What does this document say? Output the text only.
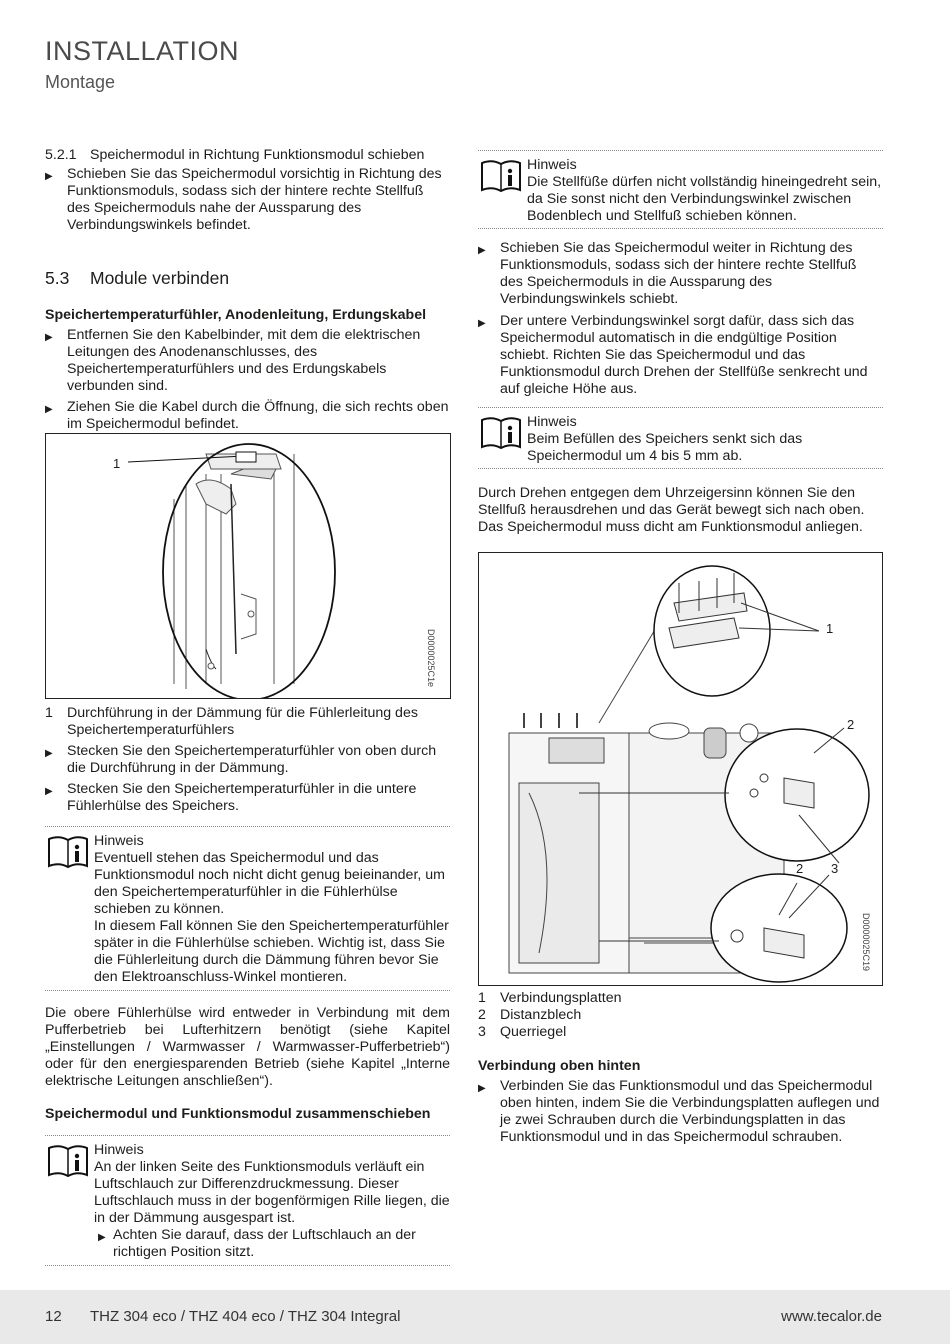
INSTALLATION
Montage
5.2.1 Speichermodul in Richtung Funktionsmodul schieben
▶	Schieben Sie das Speichermodul vorsichtig in Richtung des Funktionsmoduls, sodass sich der hintere rechte Stellfuß des Speichermoduls nahe der Aussparung des Verbindungswinkels befindet.
5.3	Module verbinden
Speichertemperaturfühler, Anodenleitung, Erdungskabel
▶	Entfernen Sie den Kabelbinder, mit dem die elektrischen Leitungen des Anodenanschlusses, des Speichertemperaturfühlers und des Erdungskabels verbunden sind.
▶	Ziehen Sie die Kabel durch die Öffnung, die sich rechts oben im Speichermodul befindet.
1
D0000025C1e
1 Durchführung in der Dämmung für die Fühlerleitung des Speichertemperaturfühlers
▶	Stecken Sie den Speichertemperaturfühler von oben durch die Durchführung in der Dämmung.
▶	Stecken Sie den Speichertemperaturfühler in die untere Fühlerhülse des Speichers.
Hinweis
Eventuell stehen das Speichermodul und das Funktionsmodul noch nicht dicht genug beieinander, um den Speichertemperaturfühler in die Fühlerhülse schieben zu können.
In diesem Fall können Sie den Speichertemperaturfühler später in die Fühlerhülse schieben. Wichtig ist, dass Sie die Fühlerleitung durch die Dämmung führen bevor Sie den Elektroanschluss-Winkel montieren.
Die obere Fühlerhülse wird entweder in Verbindung mit dem Pufferbetrieb bei Lufterhitzern benötigt (siehe Kapitel „Einstellungen / Warmwasser / Warmwasser-Pufferbetrieb“) oder für den energiesparenden Betrieb (siehe Kapitel „Interne elektrische Leitungen anschließen“).
Speichermodul und Funktionsmodul zusammenschieben
Hinweis
An der linken Seite des Funktionsmoduls verläuft ein Luftschlauch zur Differenzdruckmessung. Dieser Luftschlauch muss in der bogenförmigen Rille liegen, die in der Dämmung ausgespart ist.
▶ Achten Sie darauf, dass der Luftschlauch an der richtigen Position sitzt.
Hinweis
Die Stellfüße dürfen nicht vollständig hineingedreht sein, da Sie sonst nicht den Verbindungswinkel zwischen Bodenblech und Stellfuß schieben können.
▶	Schieben Sie das Speichermodul weiter in Richtung des Funktionsmoduls, sodass sich der hintere rechte Stellfuß des Speichermoduls in die Aussparung des Verbindungswinkels schiebt.
▶	Der untere Verbindungswinkel sorgt dafür, dass sich das Speichermodul automatisch in die endgültige Position schiebt. Richten Sie das Speichermodul und das Funktionsmodul durch Drehen der Stellfüße senkrecht und auf gleiche Höhe aus.
Hinweis
Beim Befüllen des Speichers senkt sich das Speichermodul um 4 bis 5 mm ab.
Durch Drehen entgegen dem Uhrzeigersinn können Sie den Stellfuß herausdrehen und das Gerät bewegt sich nach oben. Das Speichermodul muss dicht am Funktionsmodul anliegen.
1
2
2 3
D0000025C19
1 Verbindungsplatten
2 Distanzblech
3 Querriegel
Verbindung oben hinten
▶	Verbinden Sie das Funktionsmodul und das Speichermodul oben hinten, indem Sie die Verbindungsplatten auflegen und je zwei Schrauben durch die Verbindungsplatten in das Funktionsmodul und in das Speichermodul schrauben.
12 THZ 304 eco / THZ 404 eco / THZ 304 Integral	www.tecalor.de
